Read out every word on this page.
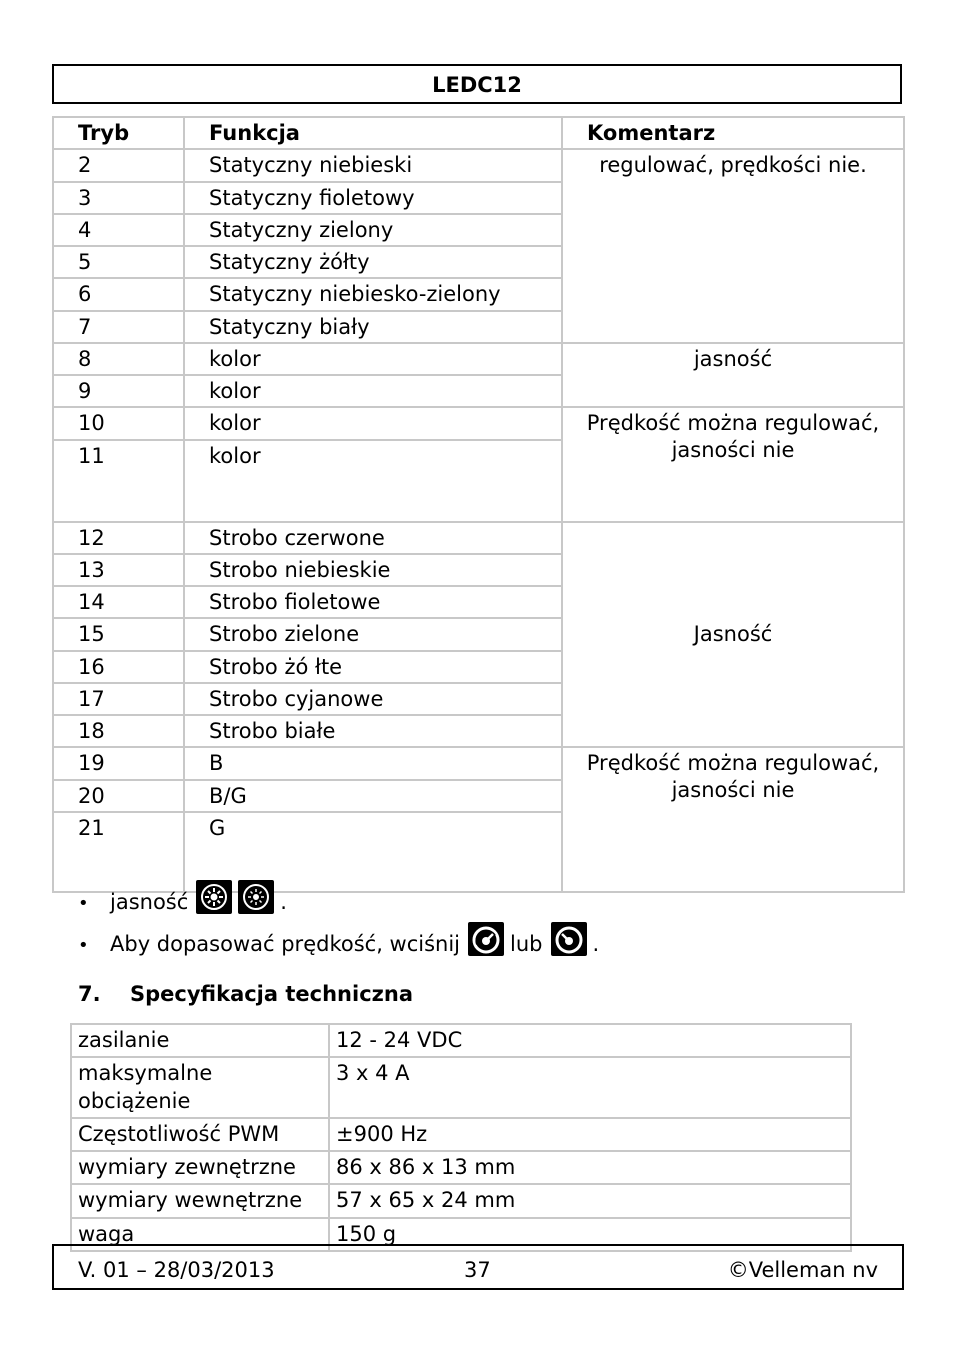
LEDC12
Tryb	Funkcja	Komentarz
2	Statyczny niebieski	regulować, prędkości nie.
3	Statyczny fioletowy	
4	Statyczny zielony	
5	Statyczny żółty	
6	Statyczny niebiesko-zielony	
7	Statyczny biały	
8	kolor	jasność
9	kolor	
10	kolor	Prędkość można regulować, jasności nie
11	kolor	
12	Strobo czerwone	Jasność
13	Strobo niebieskie	
14	Strobo fioletowe	
15	Strobo zielone	
16	Strobo żó łte	
17	Strobo cyjanowe	
18	Strobo białe	
19	B	Prędkość można regulować, jasności nie
20	B/G	
21	G	
•	jasność	.
•	Aby dopasować prędkość, wciśnij lub .
7. Specyfikacja techniczna
zasilanie	12 - 24 VDC
maksymalne obciążenie	3 x 4 A
Częstotliwość PWM	±900 Hz
wymiary zewnętrzne	86 x 86 x 13 mm
wymiary wewnętrzne	57 x 65 x 24 mm
waga	150 g
V. 01 – 28/03/2013	37	©Velleman nv
